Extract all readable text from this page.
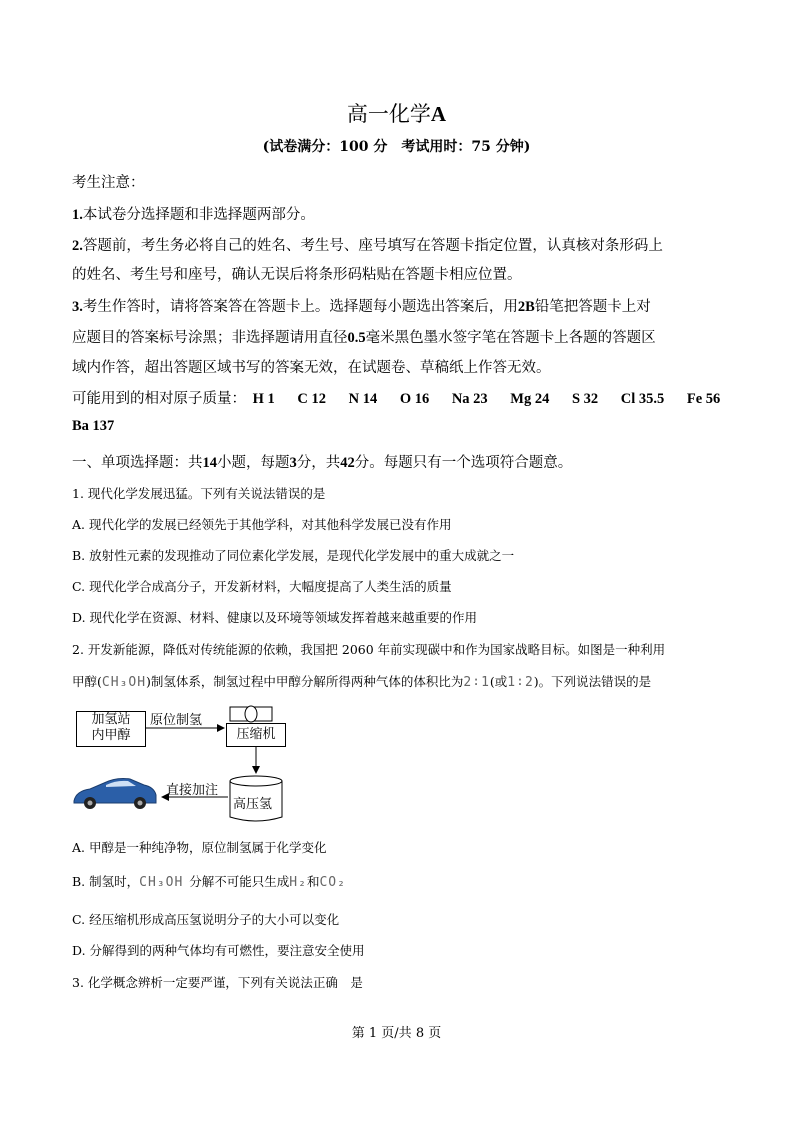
高一化学A
(试卷满分：100 分　考试用时：75 分钟)
考生注意：
1.本试卷分选择题和非选择题两部分。
2.答题前，考生务必将自己的姓名、考生号、座号填写在答题卡指定位置，认真核对条形码上
的姓名、考生号和座号，确认无误后将条形码粘贴在答题卡相应位置。
3.考生作答时，请将答案答在答题卡上。选择题每小题选出答案后，用2B铅笔把答题卡上对
应题目的答案标号涂黑；非选择题请用直径0.5毫米黑色墨水签字笔在答题卡上各题的答题区
域内作答，超出答题区域书写的答案无效，在试题卷、草稿纸上作答无效。
可能用到的相对原子质量： H 1 C 12 N 14 O 16 Na 23 Mg 24 S 32 Cl 35.5 Fe 56
Ba 137
一、单项选择题：共14小题，每题3分，共42分。每题只有一个选项符合题意。
1. 现代化学发展迅猛。下列有关说法错误的是
A. 现代化学的发展已经领先于其他学科，对其他科学发展已没有作用
B. 放射性元素的发现推动了同位素化学发展，是现代化学发展中的重大成就之一
C. 现代化学合成高分子，开发新材料，大幅度提高了人类生活的质量
D. 现代化学在资源、材料、健康以及环境等领域发挥着越来越重要的作用
2. 开发新能源，降低对传统能源的依赖，我国把 2060 年前实现碳中和作为国家战略目标。如图是一种利用
甲醇(CH₃OH)制氢体系，制氢过程中甲醇分解所得两种气体的体积比为2∶1(或1∶2)。下列说法错误的是
加氢站
内甲醇
原位制氢
压缩机
直接加注
高压氢
A. 甲醇是一种纯净物，原位制氢属于化学变化
B. 制氢时，CH₃OH 分解不可能只生成H₂和CO₂
C. 经压缩机形成高压氢说明分子的大小可以变化
D. 分解得到的两种气体均有可燃性，要注意安全使用
3. 化学概念辨析一定要严谨，下列有关说法正确　是
第 1 页/共 8 页
